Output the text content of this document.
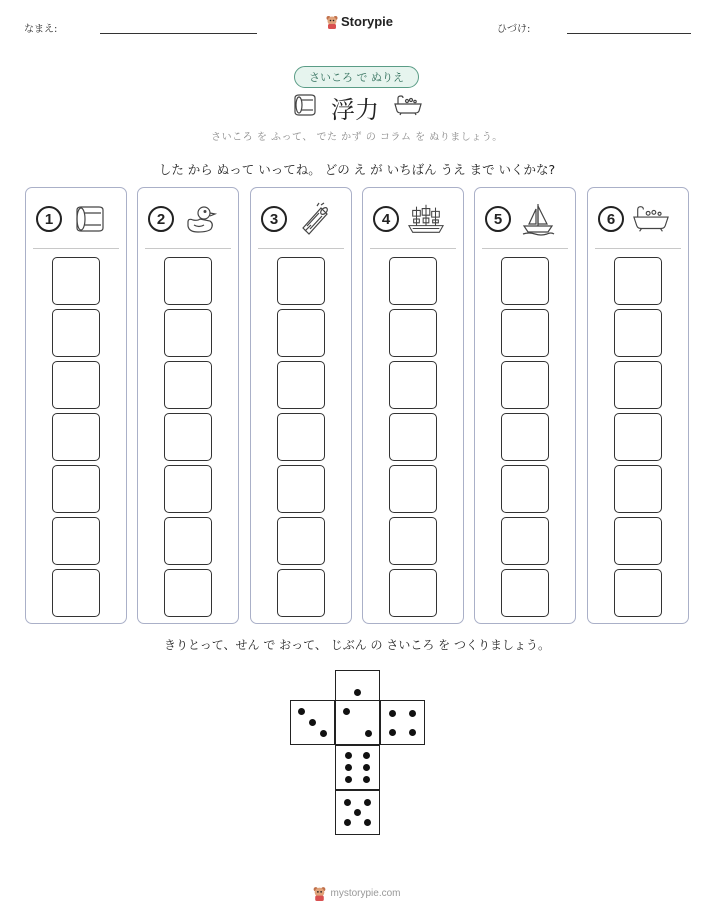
なまえ:
Storypie
ひづけ:
さいころ で ぬりえ
浮力
さいころ を ふって、 でた かず の コラム を ぬりましょう。
した から ぬって いってね。 どの え が いちばん うえ まで いくかな?
1	2	3	4	5	6
きりとって、せん で おって、 じぶん の さいころ を つくりましょう。
mystorypie.com
